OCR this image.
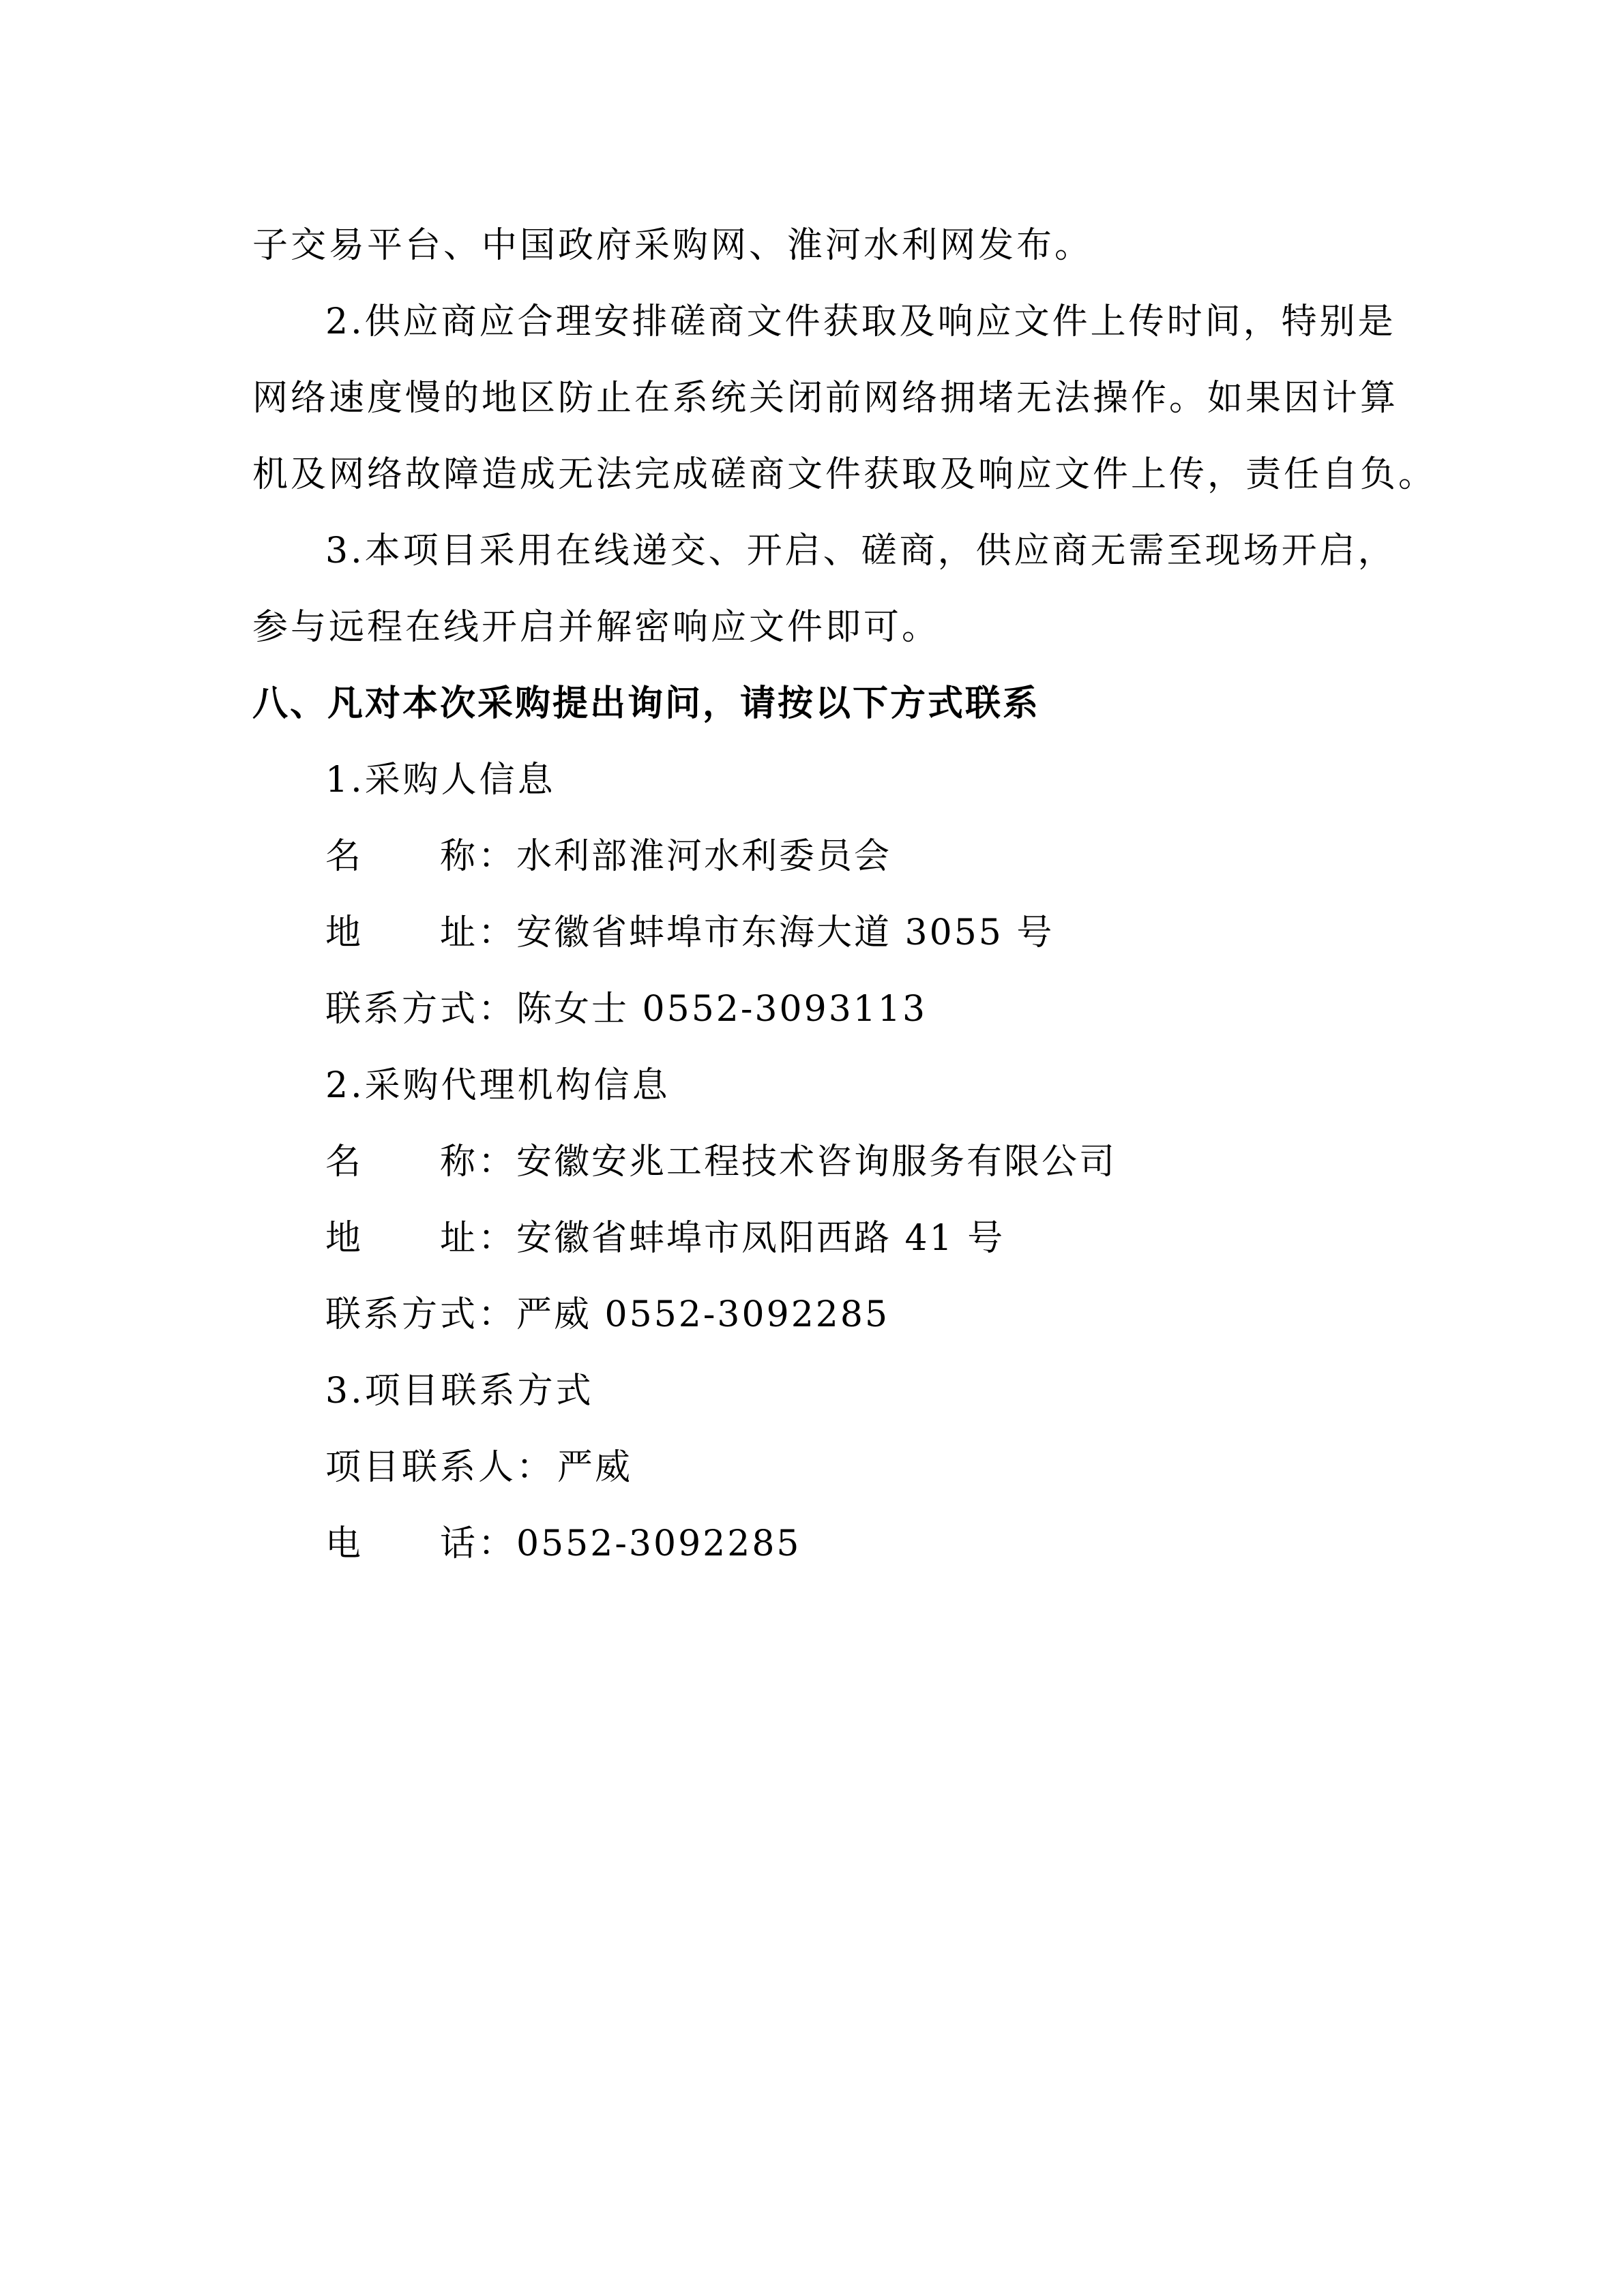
子交易平台、中国政府采购网、淮河水利网发布。
2.供应商应合理安排磋商文件获取及响应文件上传时间，特别是
网络速度慢的地区防止在系统关闭前网络拥堵无法操作。如果因计算
机及网络故障造成无法完成磋商文件获取及响应文件上传，责任自负。
3.本项目采用在线递交、开启、磋商，供应商无需至现场开启，
参与远程在线开启并解密响应文件即可。
八、凡对本次采购提出询问，请按以下方式联系
1.采购人信息
名 称 ： 水利部淮河水利委员会
地 址 ： 安徽省蚌埠市东海大道 3055 号
联系方式： 陈女士 0552-3093113
2.采购代理机构信息
名 称 ： 安徽安兆工程技术咨询服务有限公司
地 址 ： 安徽省蚌埠市凤阳西路 41 号
联系方式： 严威 0552-3092285
3.项目联系方式
项目联系人： 严威
电 话 ： 0552-3092285
